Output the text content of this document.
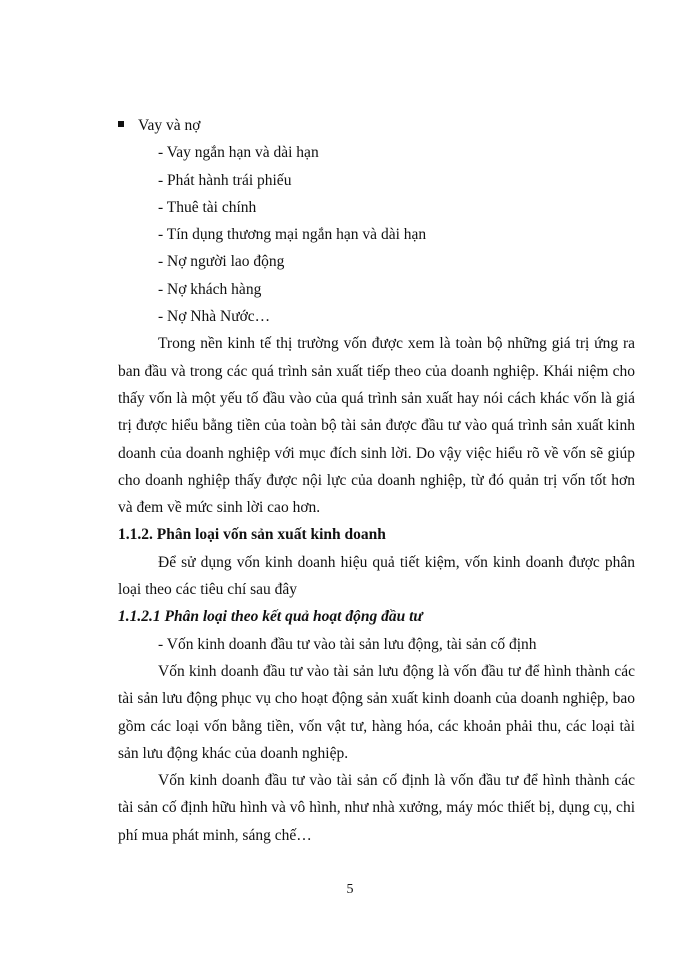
Vay và nợ
- Vay ngắn hạn và dài hạn
- Phát hành trái phiếu
- Thuê tài chính
- Tín dụng thương mại ngắn hạn và dài hạn
- Nợ người lao động
- Nợ khách hàng
- Nợ Nhà Nước…

Trong nền kinh tế thị trường vốn được xem là toàn bộ những giá trị ứng ra ban đầu và trong các quá trình sản xuất tiếp theo của doanh nghiệp. Khái niệm cho thấy vốn là một yếu tố đầu vào của quá trình sản xuất hay nói cách khác vốn là giá trị được hiểu bằng tiền của toàn bộ tài sản được đầu tư vào quá trình sản xuất kinh doanh của doanh nghiệp với mục đích sinh lời. Do vậy việc hiểu rõ về vốn sẽ giúp cho doanh nghiệp thấy được nội lực của doanh nghiệp, từ đó quản trị vốn tốt hơn và đem về mức sinh lời cao hơn.

1.1.2. Phân loại vốn sản xuất kinh doanh

Để sử dụng vốn kinh doanh hiệu quả tiết kiệm, vốn kinh doanh được phân loại theo các tiêu chí sau đây

1.1.2.1 Phân loại theo kết quả hoạt động đầu tư
- Vốn kinh doanh đầu tư vào tài sản lưu động, tài sản cố định

Vốn kinh doanh đầu tư vào tài sản lưu động là vốn đầu tư để hình thành các tài sản lưu động phục vụ cho hoạt động sản xuất kinh doanh của doanh nghiệp, bao gồm các loại vốn bằng tiền, vốn vật tư, hàng hóa, các khoản phải thu, các loại tài sản lưu động khác của doanh nghiệp.

Vốn kinh doanh đầu tư vào tài sản cố định là vốn đầu tư để hình thành các tài sản cố định hữu hình và vô hình, như nhà xưởng, máy móc thiết bị, dụng cụ, chi phí mua phát minh, sáng chế…

5
